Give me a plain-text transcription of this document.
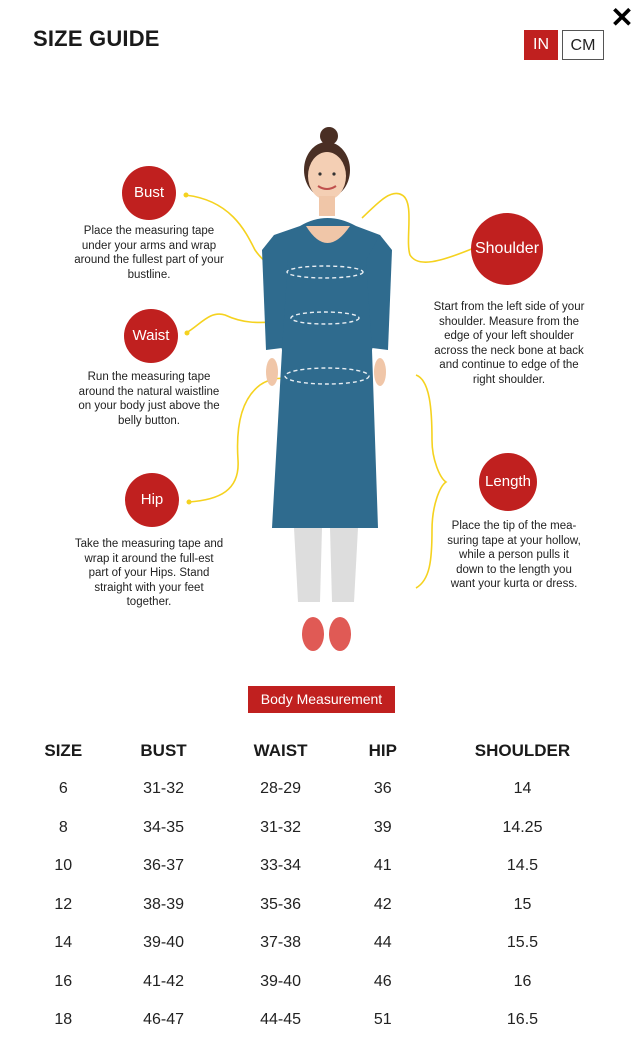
SIZE GUIDE
✕
IN	CM
Bust
Place the measuring tape under your arms and wrap around the fullest part of your bustline.
Waist
Run the measuring tape around the natural waistline on your body just above the belly button.
Hip
Take the measuring tape and wrap it around the full-est part of your Hips. Stand straight with your feet together.
Shoulder
Start from the left side of your shoulder. Measure from the edge of your left shoulder across the neck bone at back and continue to edge of the right shoulder.
Length
Place the tip of the mea-suring tape at your hollow, while a person pulls it down to the length you want your kurta or dress.
Body Measurement
SIZE	BUST	WAIST	HIP	SHOULDER
6	31-32	28-29	36	14
8	34-35	31-32	39	14.25
10	36-37	33-34	41	14.5
12	38-39	35-36	42	15
14	39-40	37-38	44	15.5
16	41-42	39-40	46	16
18	46-47	44-45	51	16.5
